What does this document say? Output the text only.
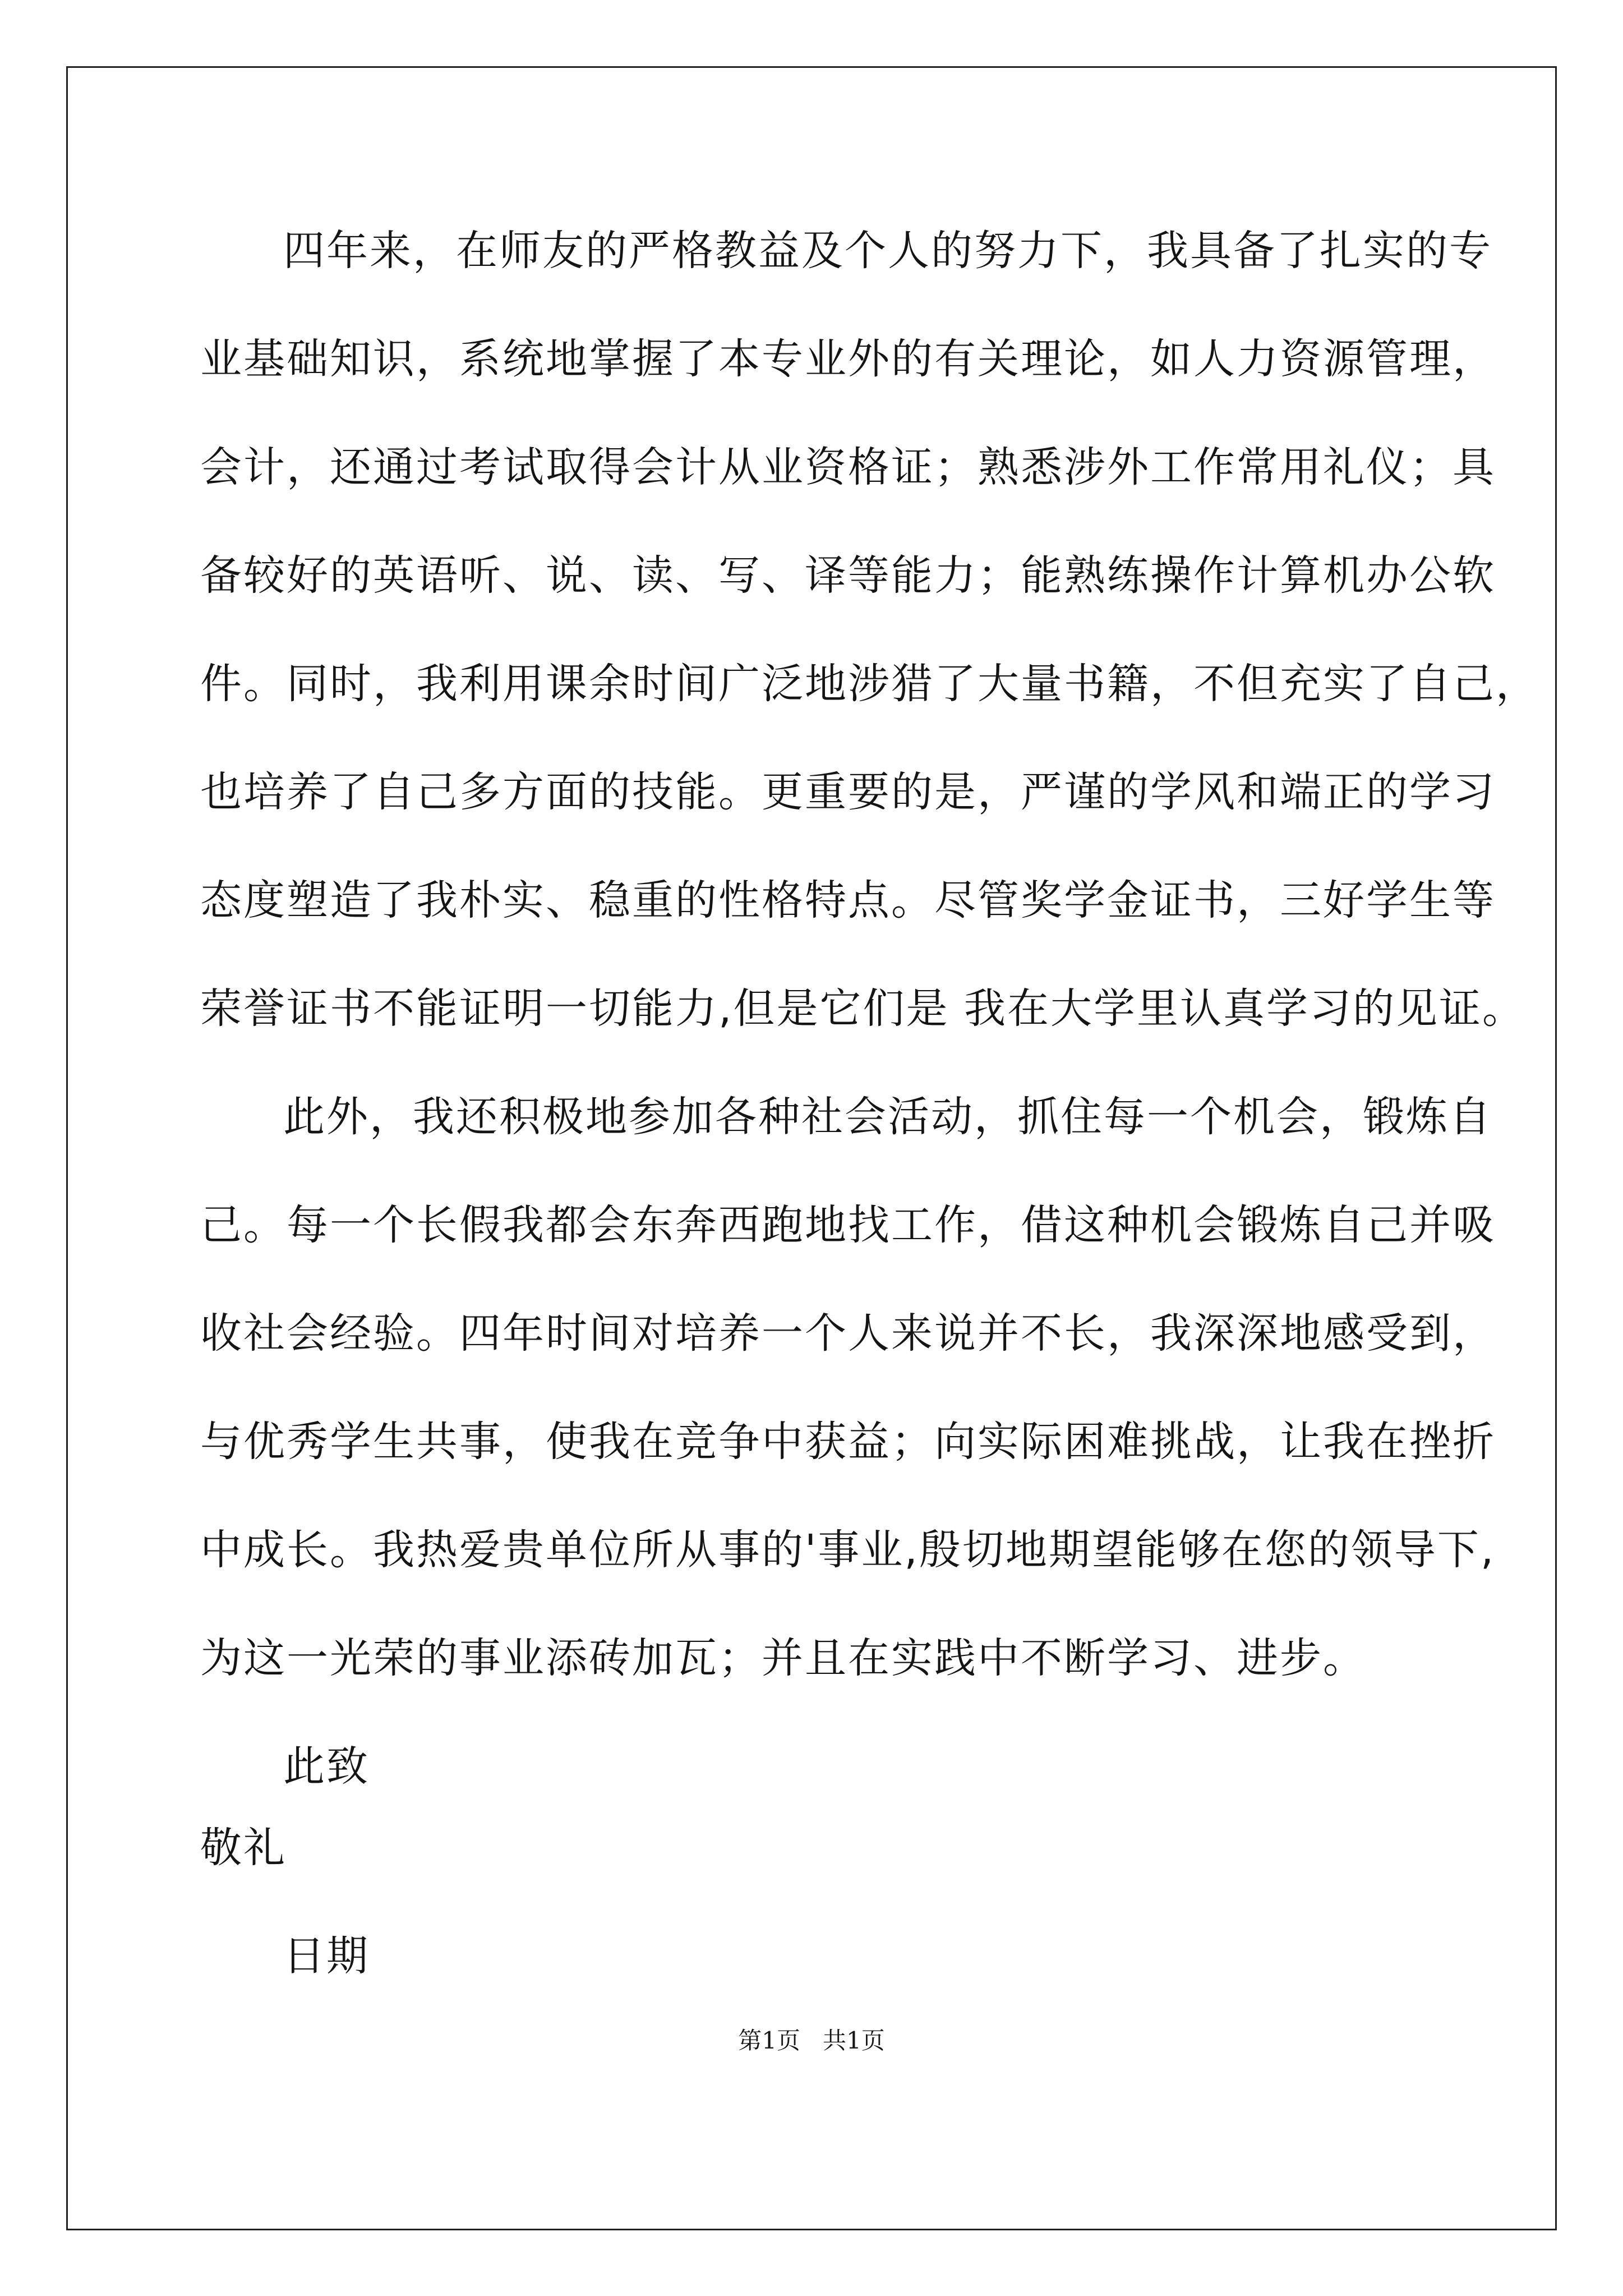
四年来，在师友的严格教益及个人的努力下，我具备了扎实的专
业基础知识，系统地掌握了本专业外的有关理论，如人力资源管理，
会计，还通过考试取得会计从业资格证；熟悉涉外工作常用礼仪；具
备较好的英语听、说、读、写、译等能力；能熟练操作计算机办公软
件。同时，我利用课余时间广泛地涉猎了大量书籍，不但充实了自己，
也培养了自己多方面的技能。更重要的是，严谨的学风和端正的学习
态度塑造了我朴实、稳重的性格特点。尽管奖学金证书，三好学生等
荣誉证书不能证明一切能力,但是它们是 我在大学里认真学习的见证。
此外，我还积极地参加各种社会活动，抓住每一个机会，锻炼自
己。每一个长假我都会东奔西跑地找工作，借这种机会锻炼自己并吸
收社会经验。四年时间对培养一个人来说并不长，我深深地感受到，
与优秀学生共事，使我在竞争中获益；向实际困难挑战，让我在挫折
中成长。我热爱贵单位所从事的'事业,殷切地期望能够在您的领导下,
为这一光荣的事业添砖加瓦；并且在实践中不断学习、进步。
此致
敬礼
日期
第1页   共1页
